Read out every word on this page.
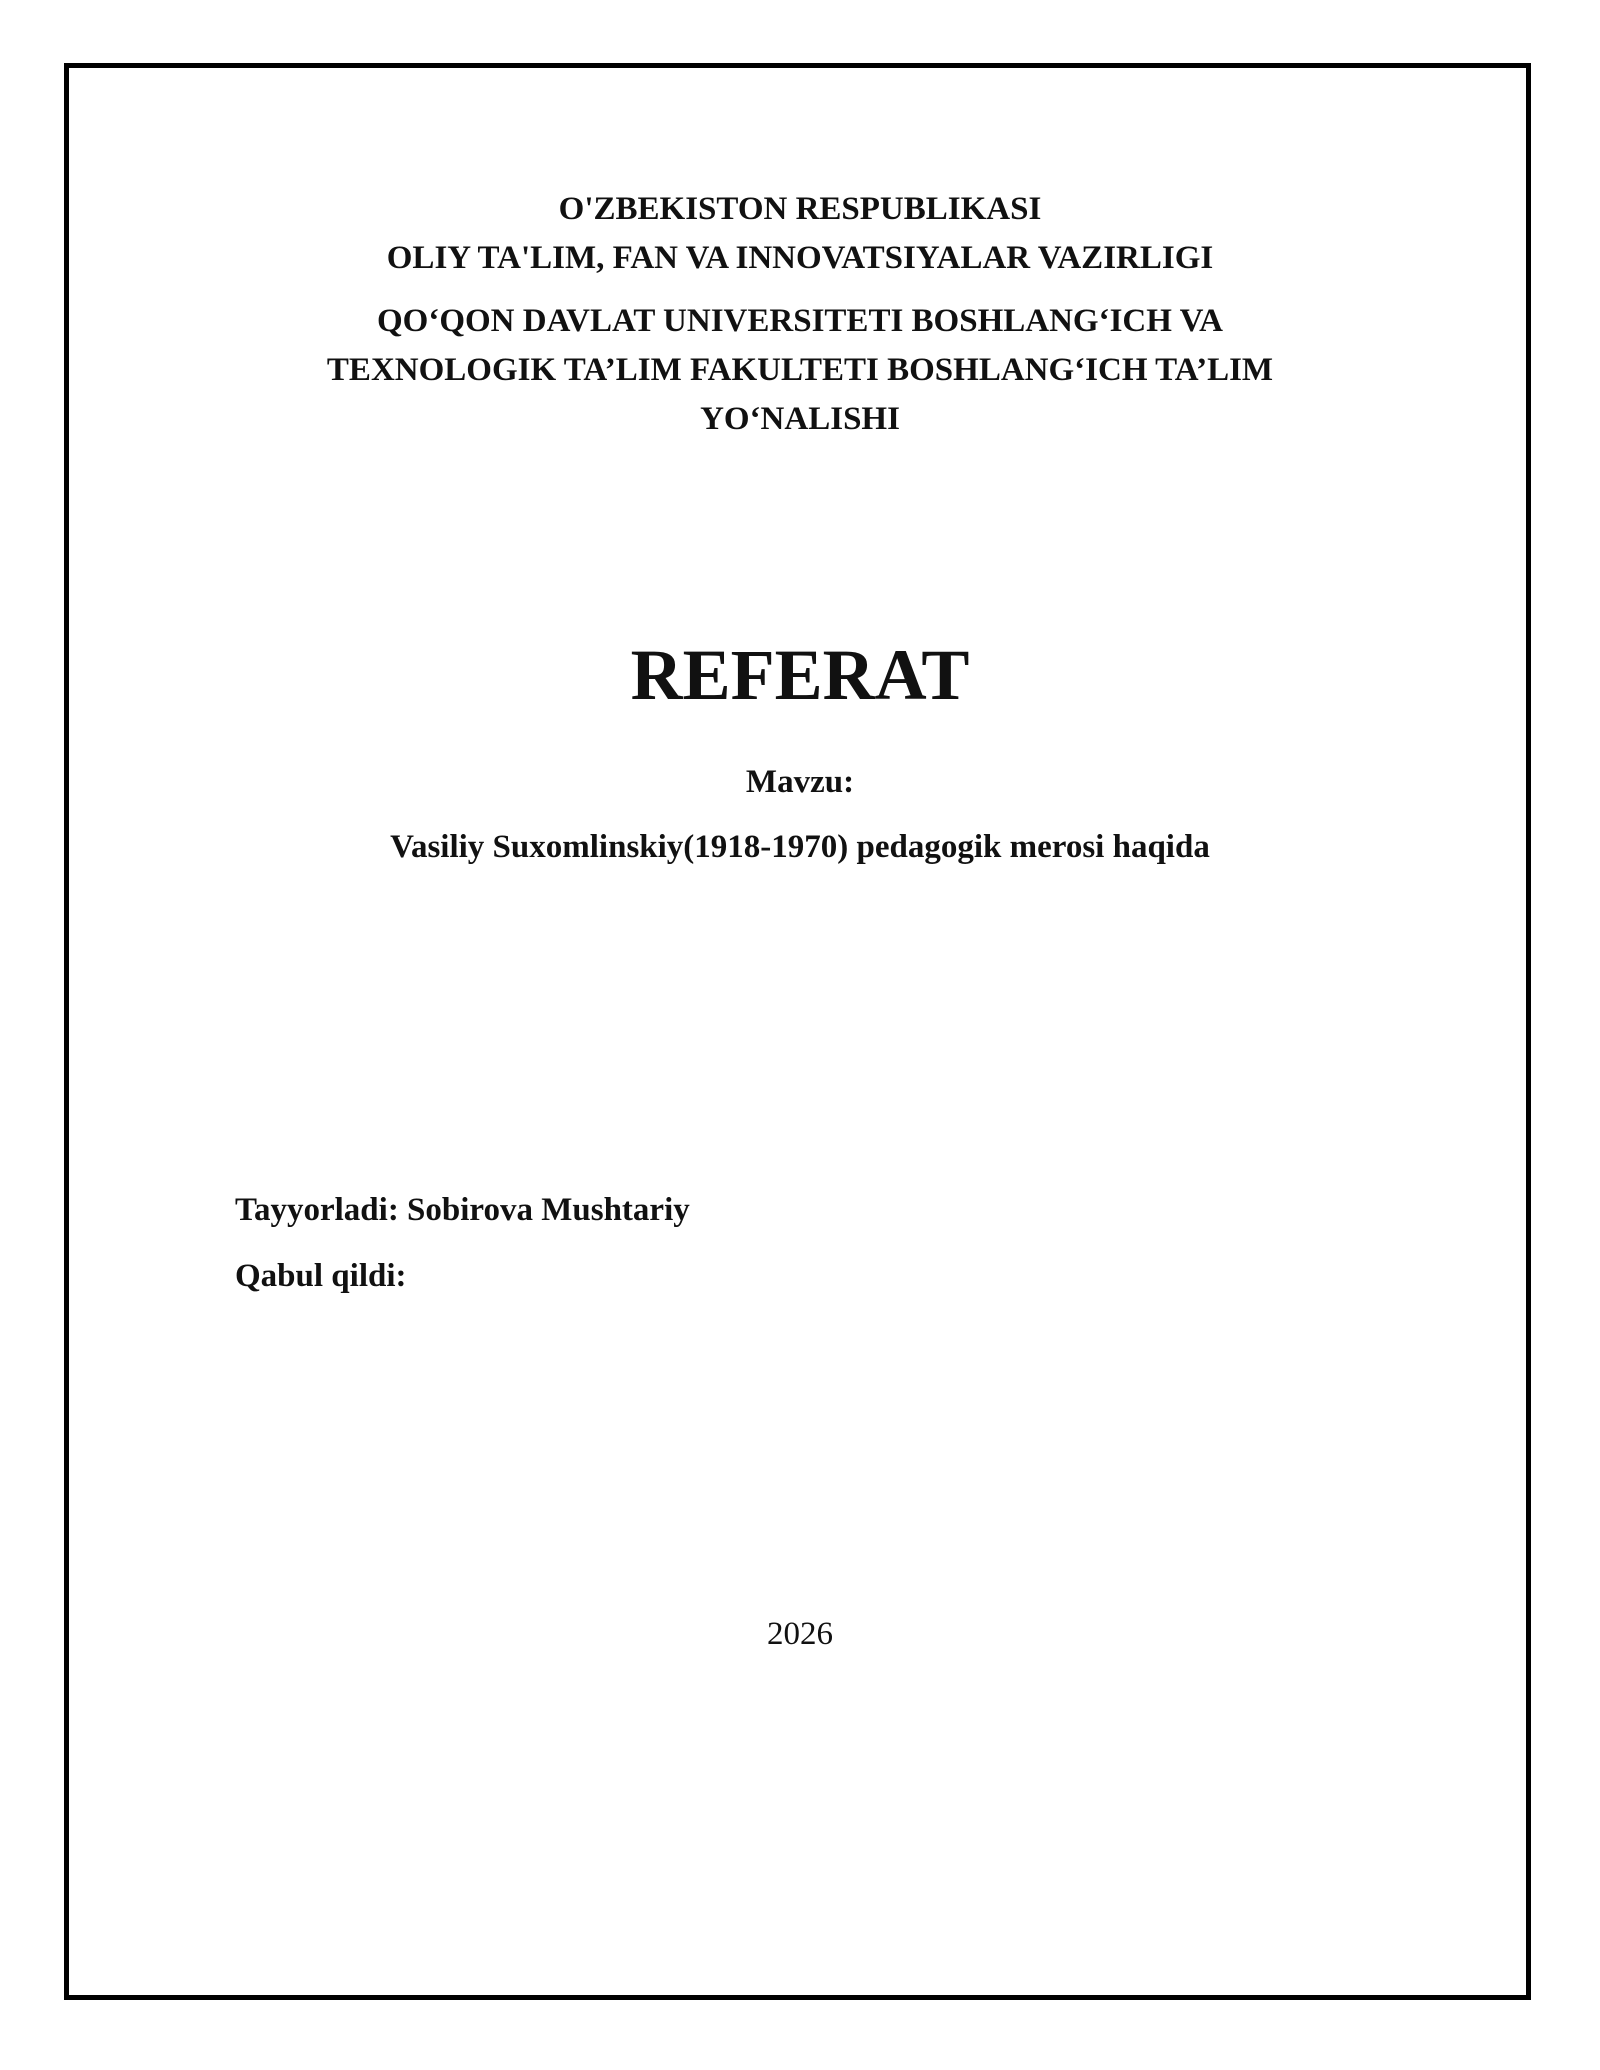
O'ZBEKISTON RESPUBLIKASI
OLIY TA'LIM, FAN VA INNOVATSIYALAR VAZIRLIGI
QO‘QON DAVLAT UNIVERSITETI BOSHLANG‘ICH VA
TEXNOLOGIK TA’LIM FAKULTETI BOSHLANG‘ICH TA’LIM
YO‘NALISHI
REFERAT
Mavzu:
Vasiliy Suxomlinskiy(1918-1970) pedagogik merosi haqida
Tayyorladi: Sobirova Mushtariy
Qabul qildi:
2026
